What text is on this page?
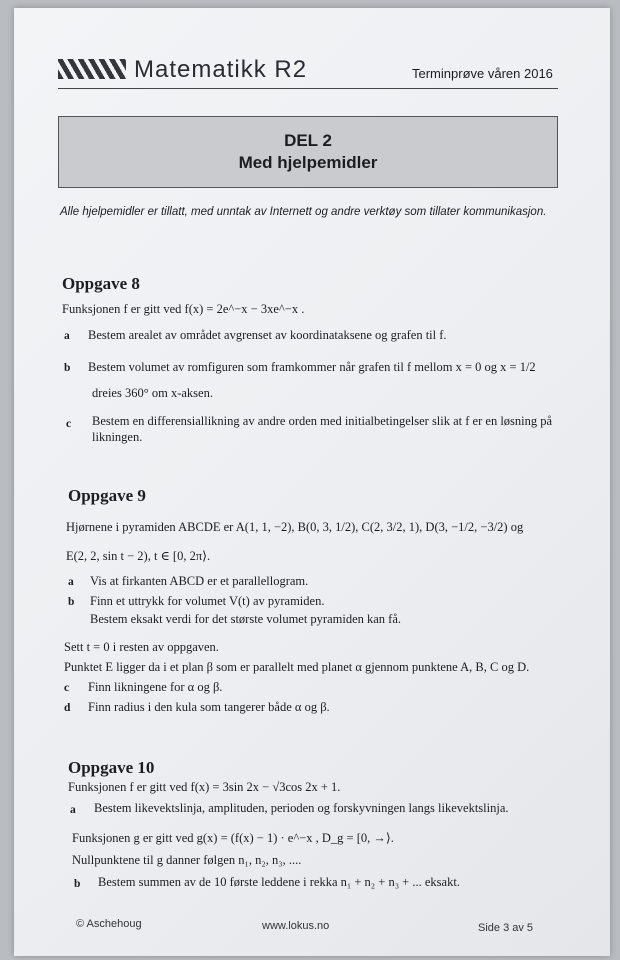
Matematikk R2	Terminprøve våren 2016
DEL 2
Med hjelpemidler
Alle hjelpemidler er tillatt, med unntak av Internett og andre verktøy som tillater kommunikasjon.
Oppgave 8
Funksjonen f er gitt ved f(x) = 2e^−x − 3xe^−x .
a Bestem arealet av området avgrenset av koordinataksene og grafen til f.
b Bestem volumet av romfiguren som framkommer når grafen til f mellom x = 0 og x = 1/2
dreies 360° om x-aksen.
c Bestem en differensiallikning av andre orden med initialbetingelser slik at f er en løsning på
likningen.
Oppgave 9
Hjørnene i pyramiden ABCDE er A(1, 1, −2), B(0, 3, 1/2), C(2, 3/2, 1), D(3, −1/2, −3/2) og
E(2, 2, sin t − 2), t ∈ [0, 2π⟩.
a Vis at firkanten ABCD er et parallellogram.
b Finn et uttrykk for volumet V(t) av pyramiden.
Bestem eksakt verdi for det største volumet pyramiden kan få.
Sett t = 0 i resten av oppgaven.
Punktet E ligger da i et plan β som er parallelt med planet α gjennom punktene A, B, C og D.
c Finn likningene for α og β.
d Finn radius i den kula som tangerer både α og β.
Oppgave 10
Funksjonen f er gitt ved f(x) = 3sin 2x − √3cos 2x + 1.
a Bestem likevektslinja, amplituden, perioden og forskyvningen langs likevektslinja.
Funksjonen g er gitt ved g(x) = (f(x) − 1) · e^−x , D_g = [0, →⟩.
Nullpunktene til g danner følgen n₁, n₂, n₃, ....
b Bestem summen av de 10 første leddene i rekka n₁ + n₂ + n₃ + ... eksakt.
© Aschehoug	www.lokus.no	Side 3 av 5
